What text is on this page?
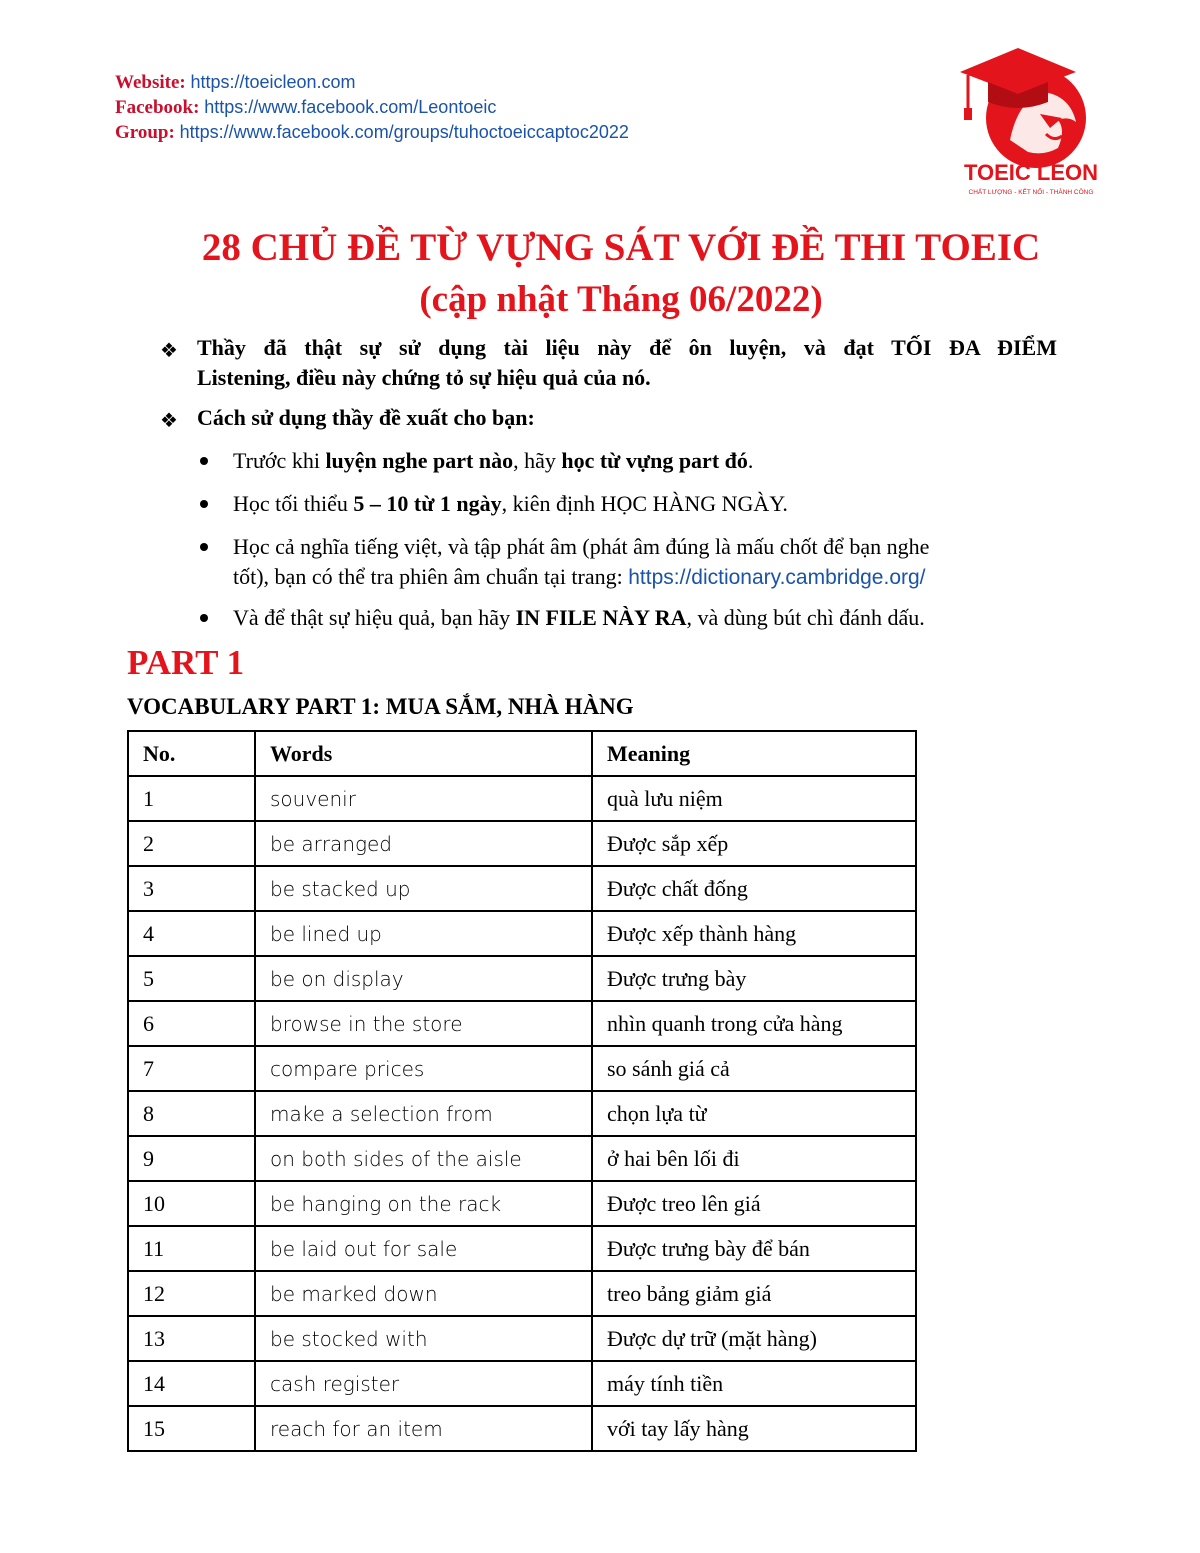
Website: https://toeicleon.com
Facebook: https://www.facebook.com/Leontoeic
Group: https://www.facebook.com/groups/tuhoctoeiccaptoc2022
TOEIC LEON
CHẤT LƯỢNG - KẾT NỐI - THÀNH CÔNG
28 CHỦ ĐỀ TỪ VỰNG SÁT VỚI ĐỀ THI TOEIC
(cập nhật Tháng 06/2022)
❖ Thầy đã thật sự sử dụng tài liệu này để ôn luyện, và đạt TỐI ĐA ĐIỂM
Listening, điều này chứng tỏ sự hiệu quả của nó.
❖ Cách sử dụng thầy đề xuất cho bạn:
Trước khi luyện nghe part nào, hãy học từ vựng part đó.
Học tối thiểu 5 – 10 từ 1 ngày, kiên định HỌC HÀNG NGÀY.
Học cả nghĩa tiếng việt, và tập phát âm (phát âm đúng là mấu chốt để bạn nghe
tốt), bạn có thể tra phiên âm chuẩn tại trang: https://dictionary.cambridge.org/
Và để thật sự hiệu quả, bạn hãy IN FILE NÀY RA, và dùng bút chì đánh dấu.
PART 1
VOCABULARY PART 1: MUA SẮM, NHÀ HÀNG
No.	Words	Meaning
1	souvenir	quà lưu niệm
2	be arranged	Được sắp xếp
3	be stacked up	Được chất đống
4	be lined up	Được xếp thành hàng
5	be on display	Được trưng bày
6	browse in the store	nhìn quanh trong cửa hàng
7	compare prices	so sánh giá cả
8	make a selection from	chọn lựa từ
9	on both sides of the aisle	ở hai bên lối đi
10	be hanging on the rack	Được treo lên giá
11	be laid out for sale	Được trưng bày để bán
12	be marked down	treo bảng giảm giá
13	be stocked with	Được dự trữ (mặt hàng)
14	cash register	máy tính tiền
15	reach for an item	với tay lấy hàng
